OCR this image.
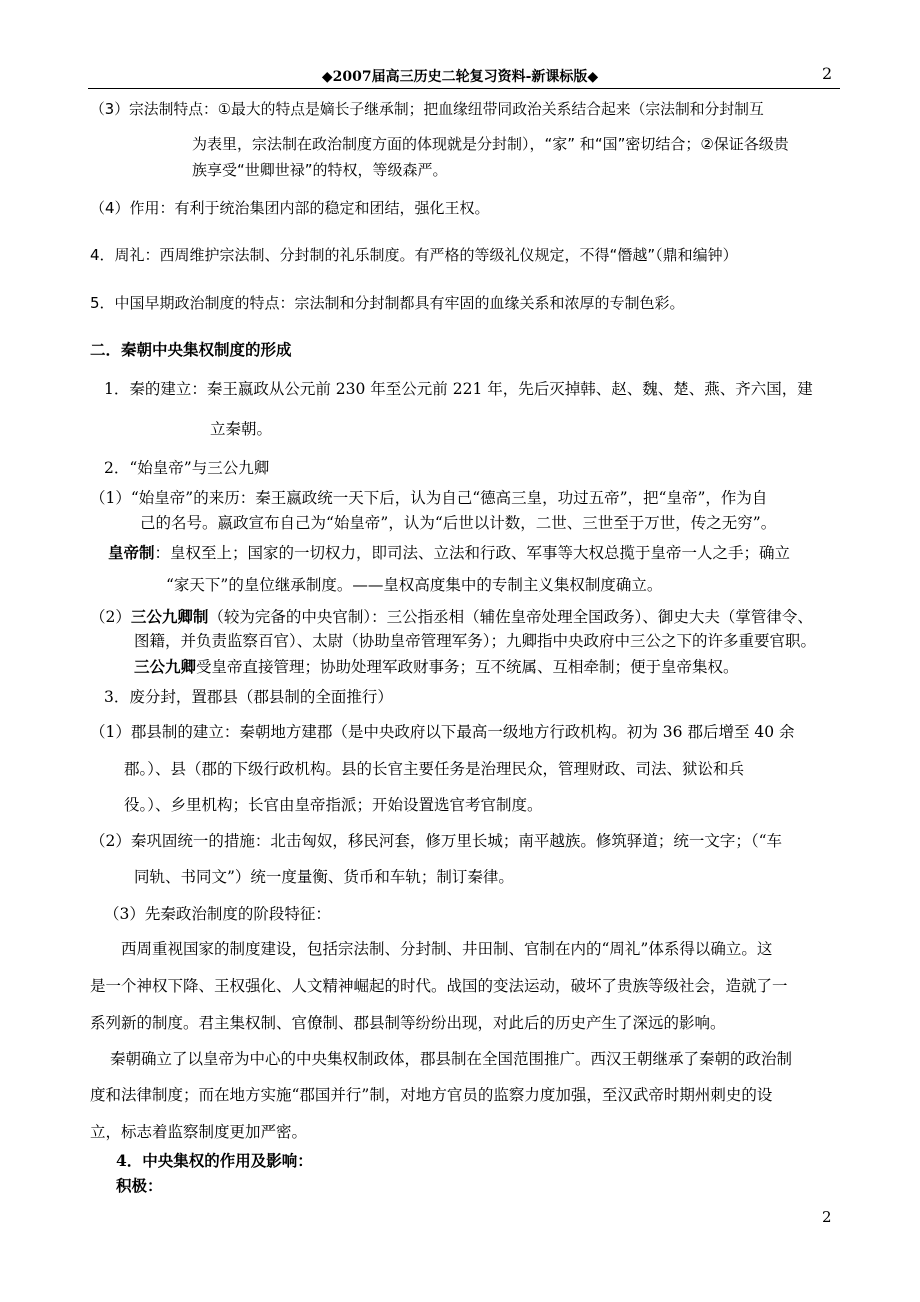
◆2007届高三历史二轮复习资料-新课标版◆	2
（3）宗法制特点：①最大的特点是嫡长子继承制；把血缘纽带同政治关系结合起来（宗法制和分封制互
为表里，宗法制在政治制度方面的体现就是分封制），“家” 和“国”密切结合；②保证各级贵
族享受“世卿世禄”的特权，等级森严。
（4）作用：有利于统治集团内部的稳定和团结，强化王权。
4．周礼：西周维护宗法制、分封制的礼乐制度。有严格的等级礼仪规定，不得“僭越”（鼎和编钟）
5．中国早期政治制度的特点：宗法制和分封制都具有牢固的血缘关系和浓厚的专制色彩。
二．秦朝中央集权制度的形成
1．秦的建立：秦王嬴政从公元前 230 年至公元前 221 年，先后灭掉韩、赵、魏、楚、燕、齐六国，建
立秦朝。
2．“始皇帝”与三公九卿
（1）“始皇帝”的来历：秦王嬴政统一天下后，认为自己“德高三皇，功过五帝”，把“皇帝”，作为自
己的名号。嬴政宣布自己为“始皇帝”，认为“后世以计数，二世、三世至于万世，传之无穷”。
皇帝制：皇权至上；国家的一切权力，即司法、立法和行政、军事等大权总揽于皇帝一人之手；确立
“家天下”的皇位继承制度。——皇权高度集中的专制主义集权制度确立。
（2）三公九卿制（较为完备的中央官制）：三公指丞相（辅佐皇帝处理全国政务）、御史大夫（掌管律令、
图籍，并负责监察百官）、太尉（协助皇帝管理军务）；九卿指中央政府中三公之下的许多重要官职。
三公九卿受皇帝直接管理；协助处理军政财事务；互不统属、互相牵制；便于皇帝集权。
3．废分封，置郡县（郡县制的全面推行）
（1）郡县制的建立：秦朝地方建郡（是中央政府以下最高一级地方行政机构。初为 36 郡后增至 40 余
郡。）、县（郡的下级行政机构。县的长官主要任务是治理民众，管理财政、司法、狱讼和兵
役。）、乡里机构；长官由皇帝指派；开始设置选官考官制度。
（2）秦巩固统一的措施：北击匈奴，移民河套，修万里长城；南平越族。修筑驿道；统一文字；（“车
同轨、书同文”）统一度量衡、货币和车轨；制订秦律。
（3）先秦政治制度的阶段特征：
西周重视国家的制度建设，包括宗法制、分封制、井田制、官制在内的“周礼”体系得以确立。这
是一个神权下降、王权强化、人文精神崛起的时代。战国的变法运动，破坏了贵族等级社会，造就了一
系列新的制度。君主集权制、官僚制、郡县制等纷纷出现，对此后的历史产生了深远的影响。
秦朝确立了以皇帝为中心的中央集权制政体，郡县制在全国范围推广。西汉王朝继承了秦朝的政治制
度和法律制度；而在地方实施“郡国并行”制，对地方官员的监察力度加强，至汉武帝时期州刺史的设
立，标志着监察制度更加严密。
4．中央集权的作用及影响：
积极：
2
